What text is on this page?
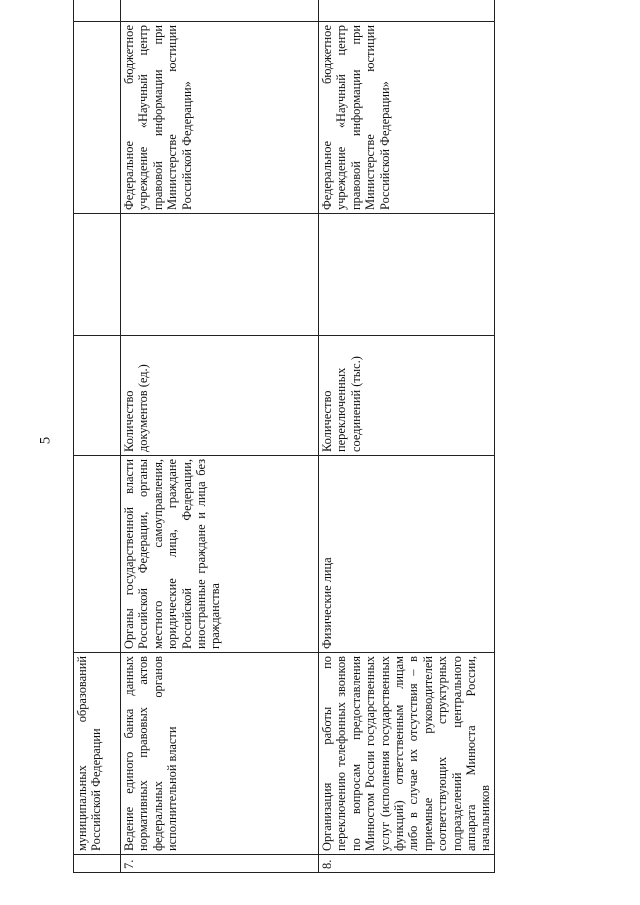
5
	муниципальных образований Российской Федерации					
7.	Ведение единого банка данных нормативных правовых актов федеральных органов исполнительной власти	Органы государственной власти Российской Федерации, органы местного самоуправления, юридические лица, граждане Российской Федерации, иностранные граждане и лица без гражданства	Количество документов (ед.)		Федеральное бюджетное учреждение «Научный центр правовой информации при Министерстве юстиции Российской Федерации»	
8.	Организация работы по переключению телефонных звонков по вопросам предоставления Минюстом России государственных услуг (исполнения государственных функций) ответственным лицам либо в случае их отсутствия – в приемные руководителей соответствующих структурных подразделений центрального аппарата Минюста России, начальников	Физические лица	Количество переключенных соединений (тыс.)		Федеральное бюджетное учреждение «Научный центр правовой информации при Министерстве юстиции Российской Федерации»	
